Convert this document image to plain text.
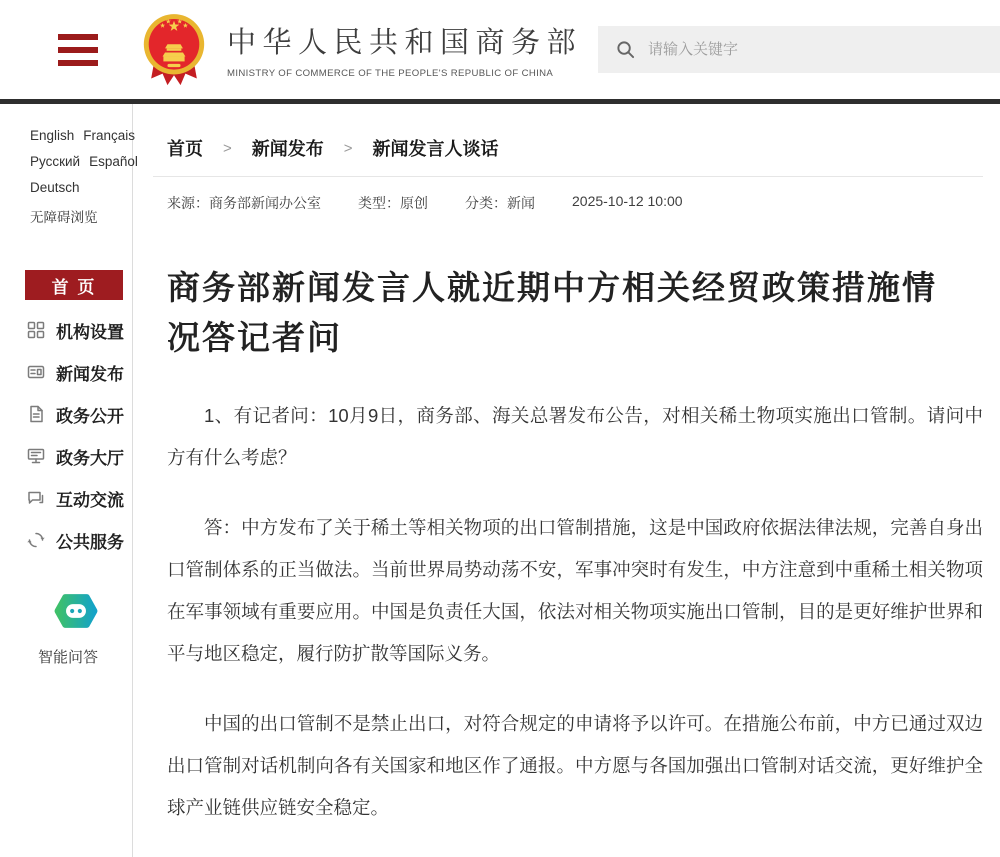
中华人民共和国商务部
MINISTRY OF COMMERCE OF THE PEOPLE'S REPUBLIC OF CHINA
请输入关键字
English Français
Русский Español
Deutsch
无障碍浏览
首 页
机构设置
新闻发布
政务公开
政务大厅
互动交流
公共服务
智能问答
首页 > 新闻发布 > 新闻发言人谈话
来源：商务部新闻办公室	类型：原创	分类：新闻	2025-10-12 10:00
商务部新闻发言人就近期中方相关经贸政策措施情况答记者问

1、有记者问：10月9日，商务部、海关总署发布公告，对相关稀土物项实施出口管制。请问中方有什么考虑？

答：中方发布了关于稀土等相关物项的出口管制措施，这是中国政府依据法律法规，完善自身出口管制体系的正当做法。当前世界局势动荡不安，军事冲突时有发生，中方注意到中重稀土相关物项在军事领域有重要应用。中国是负责任大国，依法对相关物项实施出口管制，目的是更好维护世界和平与地区稳定，履行防扩散等国际义务。

中国的出口管制不是禁止出口，对符合规定的申请将予以许可。在措施公布前，中方已通过双边出口管制对话机制向各有关国家和地区作了通报。中方愿与各国加强出口管制对话交流，更好维护全球产业链供应链安全稳定。
